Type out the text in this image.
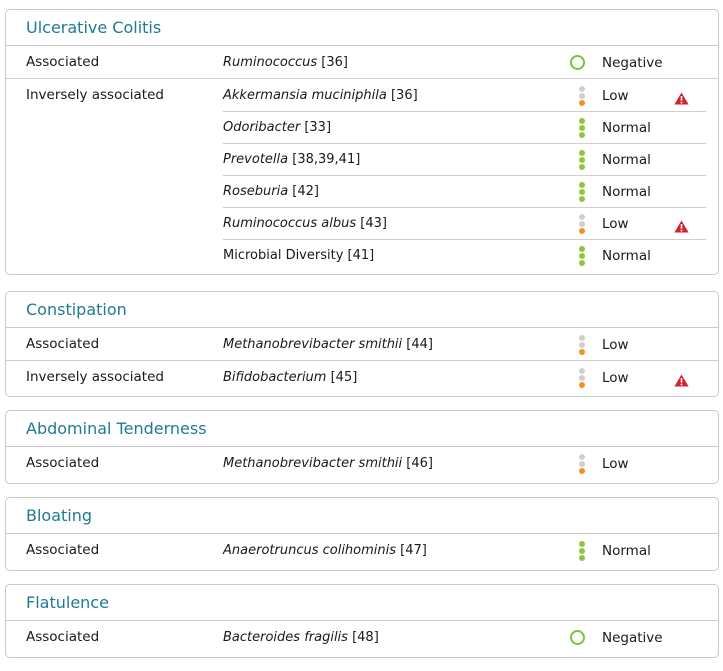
Ulcerative Colitis
Associated	Ruminococcus [36]	Negative
Inversely associated	Akkermansia muciniphila [36]	Low
Odoribacter [33]	Normal
Prevotella [38,39,41]	Normal
Roseburia [42]	Normal
Ruminococcus albus [43]	Low
Microbial Diversity [41]	Normal
Constipation
Associated	Methanobrevibacter smithii [44]	Low
Inversely associated	Bifidobacterium [45]	Low
Abdominal Tenderness
Associated	Methanobrevibacter smithii [46]	Low
Bloating
Associated	Anaerotruncus colihominis [47]	Normal
Flatulence
Associated	Bacteroides fragilis [48]	Negative
